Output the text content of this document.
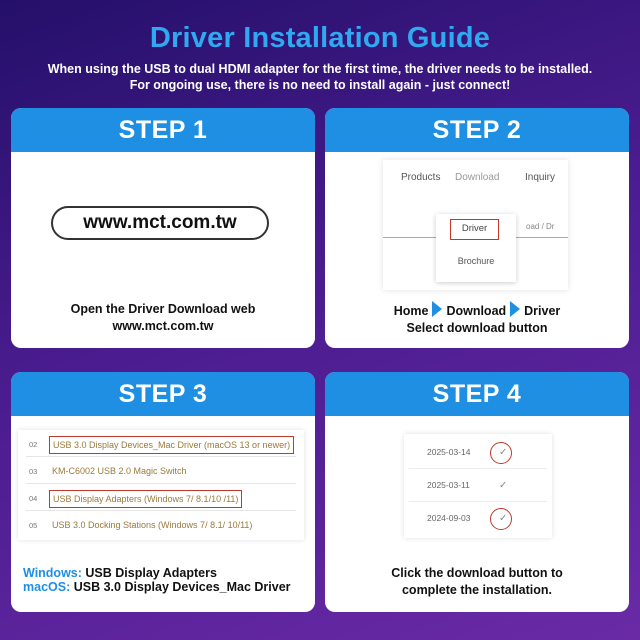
Driver Installation Guide
When using the USB to dual HDMI adapter for the first time, the driver needs to be installed.
For ongoing use, there is no need to install again - just connect!
STEP 1
www.mct.com.tw
Open the Driver Download web
www.mct.com.tw
STEP 2
Products Download	Inquiry
oad / Dr
Driver
Brochure
Home Download Driver
Select download button
STEP 3
02	USB 3.0 Display Devices_Mac Driver (macOS 13 or newer)
03 KM-C6002 USB 2.0 Magic Switch
04	USB Display Adapters (Windows 7/ 8.1/10 /11)
05 USB 3.0 Docking Stations (Windows 7/ 8.1/ 10/11)
Windows: USB Display Adapters
macOS: USB 3.0 Display Devices_Mac Driver
STEP 4
2025-03-14	✓
2025-03-11	✓
2024-09-03	✓
Click the download button to
complete the installation.
